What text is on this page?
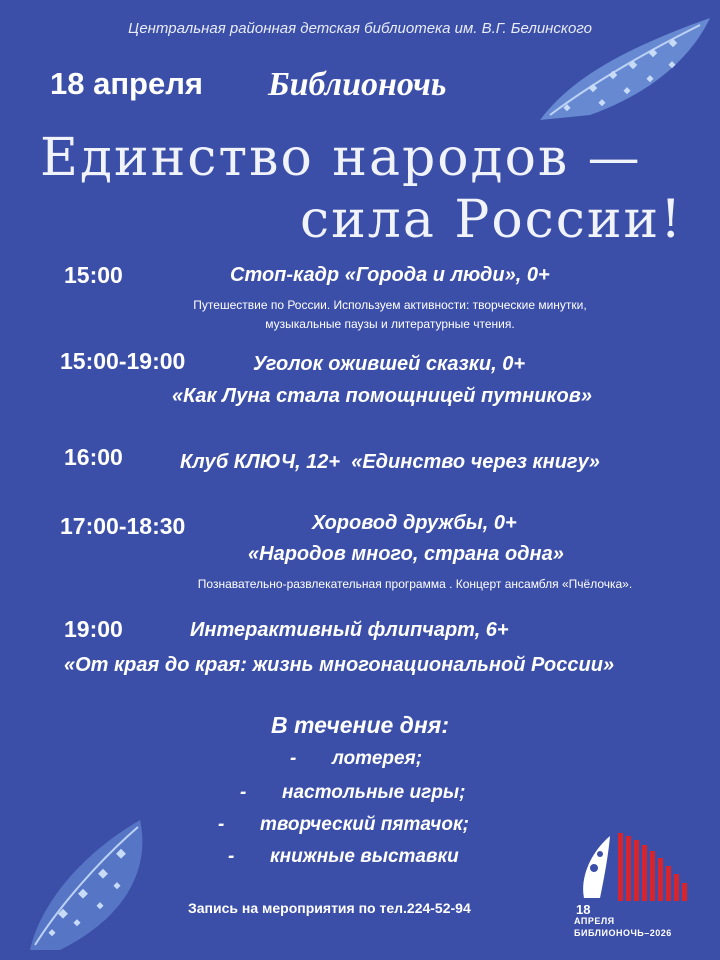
Центральная районная детская библиотека им. В.Г. Белинского
18 апреля Библионочь
Единство народов —
сила России!
15:00	Стоп-кадр «Города и люди», 0+
Путешествие по России. Используем активности: творческие минутки,
музыкальные паузы и литературные чтения.
15:00-19:00	Уголок ожившей сказки, 0+
«Как Луна стала помощницей путников»
16:00	Клуб КЛЮЧ, 12+  «Единство через книгу»
17:00-18:30	Хоровод дружбы, 0+
«Народов много, страна одна»
Познавательно-развлекательная программа . Концерт ансамбля «Пчёлочка».
19:00	Интерактивный флипчарт, 6+
«От края до края: жизнь многонациональной России»
В течение дня:
- лотерея;
- настольные игры;
- творческий пятачок;
- книжные выставки
Запись на мероприятия по тел.224-52-94	18
АПРЕЛЯ
БИБЛИОНОЧЬ–2026
